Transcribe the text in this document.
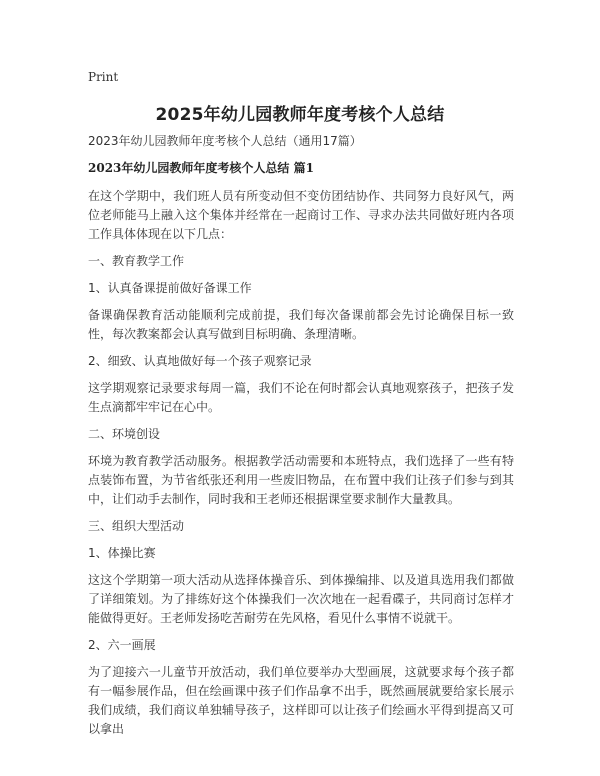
Print
2025年幼儿园教师年度考核个人总结

2023年幼儿园教师年度考核个人总结（通用17篇）

2023年幼儿园教师年度考核个人总结 篇1

在这个学期中，我们班人员有所变动但不变仿团结协作、共同努力良好风气，两位老师能马上融入这个集体并经常在一起商讨工作、寻求办法共同做好班内各项工作具体体现在以下几点：

一、教育教学工作

1、认真备课提前做好备课工作

备课确保教育活动能顺利完成前提，我们每次备课前都会先讨论确保目标一致性，每次教案都会认真写做到目标明确、条理清晰。

2、细致、认真地做好每一个孩子观察记录

这学期观察记录要求每周一篇，我们不论在何时都会认真地观察孩子，把孩子发生点滴都牢牢记在心中。

二、环境创设

环境为教育教学活动服务。根据教学活动需要和本班特点，我们选择了一些有特点装饰布置，为节省纸张还利用一些废旧物品，在布置中我们让孩子们参与到其中，让们动手去制作，同时我和王老师还根据课堂要求制作大量教具。

三、组织大型活动

1、体操比赛

这这个学期第一项大活动从选择体操音乐、到体操编排、以及道具选用我们都做了详细策划。为了排练好这个体操我们一次次地在一起看碟子，共同商讨怎样才能做得更好。王老师发扬吃苦耐劳在先风格，看见什么事情不说就干。

2、六一画展

为了迎接六一儿童节开放活动，我们单位要举办大型画展，这就要求每个孩子都有一幅参展作品，但在绘画课中孩子们作品拿不出手，既然画展就要给家长展示我们成绩，我们商议单独辅导孩子，这样即可以让孩子们绘画水平得到提高又可以拿出
